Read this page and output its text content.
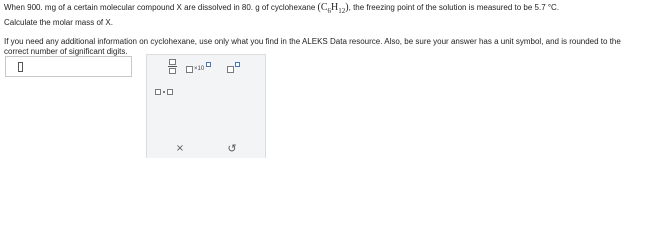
When 900. mg of a certain molecular compound X are dissolved in 80. g of cyclohexane $(C_6H_{12})$, the freezing point of the solution is measured to be 5.7 °C.
Calculate the molar mass of X.
If you need any additional information on cyclohexane, use only what you find in the ALEKS Data resource. Also, be sure your answer has a unit symbol, and is rounded to the correct number of significant digits.
×10
×	↺
